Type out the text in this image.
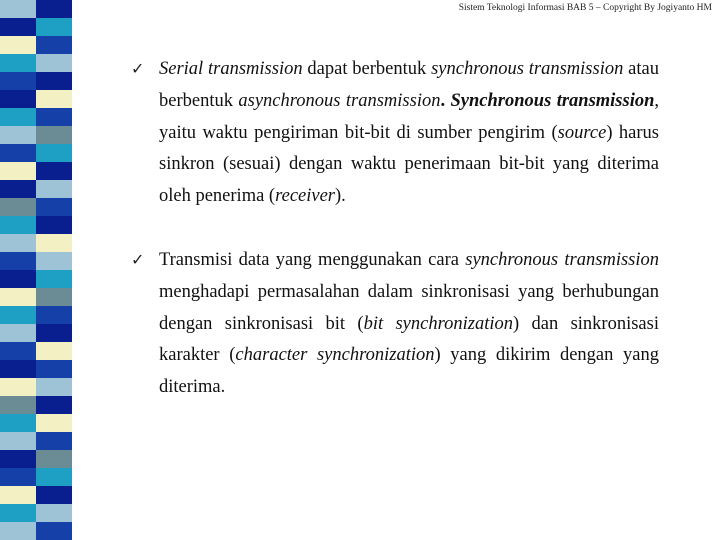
Sistem Teknologi Informasi BAB 5 – Copyright By Jogiyanto HM
✓ Serial transmission dapat berbentuk synchronous transmission atau berbentuk asynchronous transmission. Synchronous transmission, yaitu waktu pengiriman bit-bit di sumber pengirim (source) harus sinkron (sesuai) dengan waktu penerimaan bit-bit yang diterima oleh penerima (receiver).

✓ Transmisi data yang menggunakan cara synchronous transmission menghadapi permasalahan dalam sinkronisasi yang berhubungan dengan sinkronisasi bit (bit synchronization) dan sinkronisasi karakter (character synchronization) yang dikirim dengan yang diterima.
